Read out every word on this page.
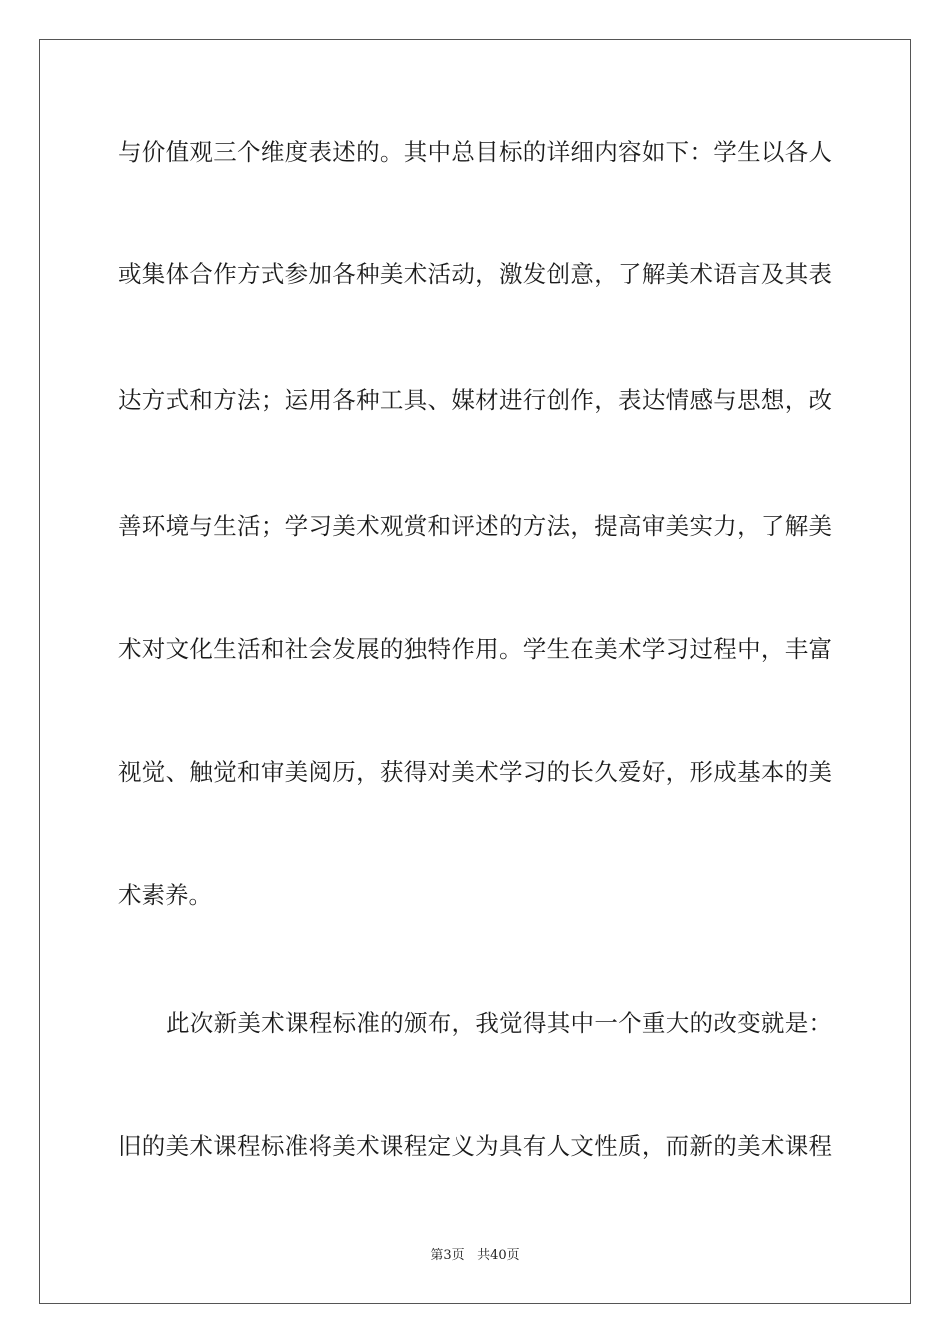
与价值观三个维度表述的。其中总目标的详细内容如下：学生以各人
或集体合作方式参加各种美术活动，激发创意，了解美术语言及其表
达方式和方法；运用各种工具、媒材进行创作，表达情感与思想，改
善环境与生活；学习美术观赏和评述的方法，提高审美实力，了解美
术对文化生活和社会发展的独特作用。学生在美术学习过程中，丰富
视觉、触觉和审美阅历，获得对美术学习的长久爱好，形成基本的美
术素养。
此次新美术课程标准的颁布，我觉得其中一个重大的改变就是：
旧的美术课程标准将美术课程定义为具有人文性质，而新的美术课程
第3页 共40页
